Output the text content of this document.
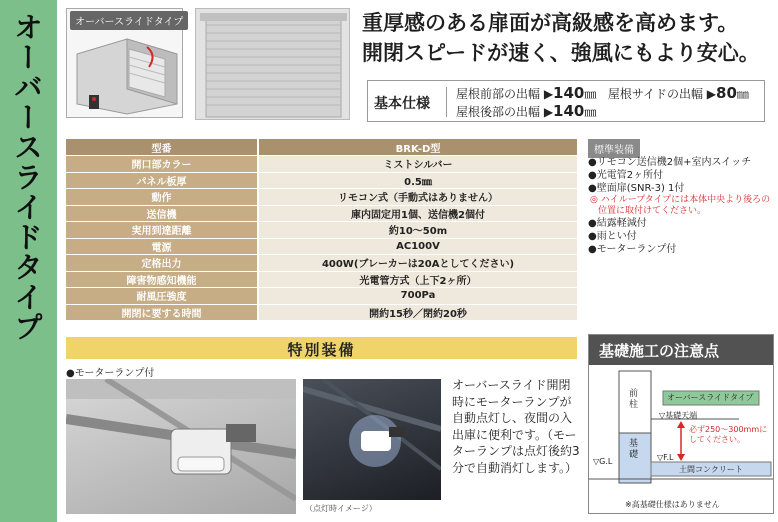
オーバースライドタイプ	オーバースライドタイプ	重厚感のある扉面が高級感を高めます。
開閉スピードが速く、強風にもより安心。
基本仕様
屋根前部の出幅 ▶140㎜ 屋根サイドの出幅 ▶80㎜
屋根後部の出幅 ▶140㎜
型番	BRK-D型
開口部カラー	ミストシルバー
パネル板厚	0.5㎜
動作	リモコン式（手動式はありません）
送信機	庫内固定用1個、送信機2個付
実用到達距離	約10～50m
電源	AC100V
定格出力	400W(ブレーカーは20Aとしてください)
障害物感知機能	光電管方式（上下2ヶ所）
耐風圧強度	700Pa
開閉に要する時間	開約15秒／閉約20秒
標準装備
●リモコン送信機2個+室内スイッチ
●光電管2ヶ所付
●壁面扉(SNR-3) 1付
◎ ハイループタイプには本体中央より後ろの
位置に取付けてください。
●結露軽減付
●雨とい付
●モーターランプ付
特別装備
●モーターランプ付
（点灯時イメージ）
オーバースライド開閉時にモーターランプが自動点灯し、夜間の入出庫に便利です。（モーターランプは点灯後約3分で自動消灯します。）
基礎施工の注意点
前柱
基礎
オーバースライドタイプ
▽基礎天端
必ず250～300mmに
してください。
▽F.L
▽G.L
土間コンクリート
※高基礎仕様はありません
